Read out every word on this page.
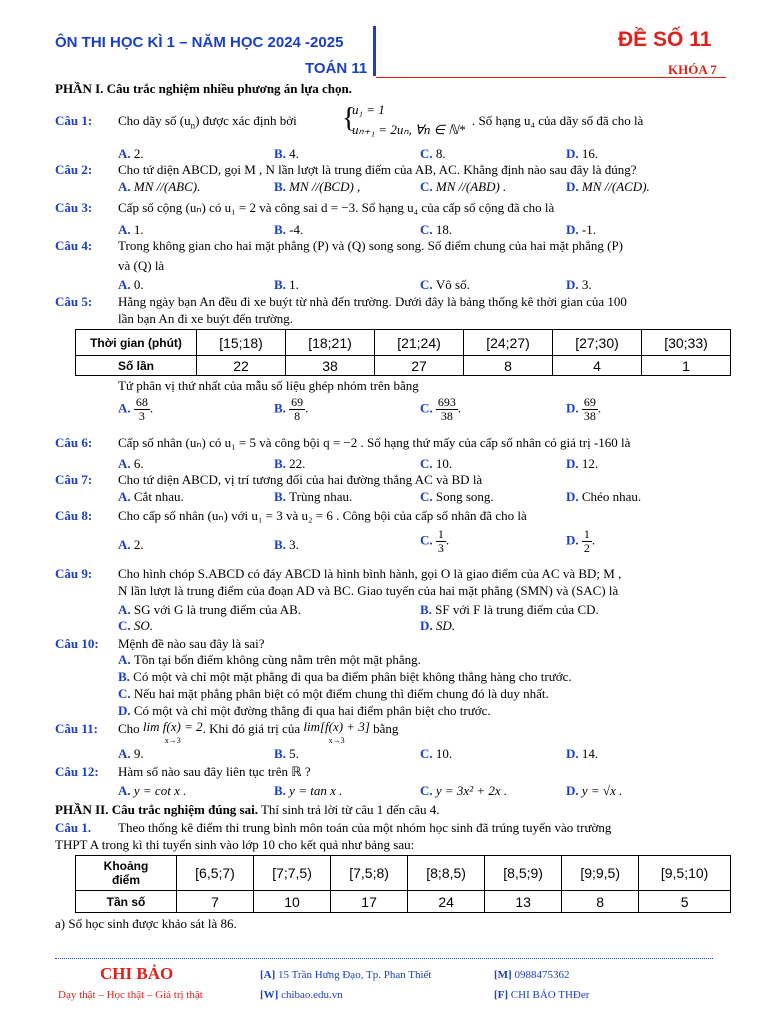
ÔN THI HỌC KÌ 1 – NĂM HỌC 2024 -2025
TOÁN 11
ĐỀ SỐ 11
KHÓA 7
PHẦN I. Câu trắc nghiệm nhiều phương án lựa chọn.
Câu 1: Cho dãy số $(u_n)$ được xác định bởi {
u₁ = 1
uₙ₊₁ = 2uₙ, ∀n ∈ ℕ*
. Số hạng u₄ của dãy số đã cho là
A. 2.	B. 4.	C. 8.	D. 16.
Câu 2: Cho tứ diện ABCD, gọi M , N lần lượt là trung điểm của AB, AC. Khẳng định nào sau đây là đúng?
A. MN //(ABC).	B. MN //(BCD) ,	C. MN //(ABD) .	D. MN //(ACD).
Câu 3: Cấp số cộng (uₙ) có u₁ = 2 và công sai d = −3. Số hạng u₄ của cấp số cộng đã cho là
A. 1.	B. -4.	C. 18.	D. -1.
Câu 4: Trong không gian cho hai mặt phẳng (P) và (Q) song song. Số điểm chung của hai mặt phẳng (P)
và (Q) là
A. 0.	B. 1.	C. Vô số.	D. 3.
Câu 5: Hằng ngày bạn An đều đi xe buýt từ nhà đến trường. Dưới đây là bảng thống kê thời gian của 100
lần bạn An đi xe buýt đến trường.
Thời gian (phút)	[15;18)	[18;21)	[21;24)	[24;27)	[27;30)	[30;33)
Số lần	22	38	27	8	4	1
Tứ phân vị thứ nhất của mẫu số liệu ghép nhóm trên bằng
A. $\frac{68}{3}$ .	B. $\frac{69}{8}$ .	C. $\frac{693}{38}$ .	D. $\frac{69}{38}$ .
Câu 6: Cấp số nhân (uₙ) có u₁ = 5 và công bội q = −2 . Số hạng thứ mấy của cấp số nhân có giá trị -160 là
A. 6.	B. 22.	C. 10.	D. 12.
Câu 7: Cho tứ diện ABCD, vị trí tương đối của hai đường thẳng AC và BD là
A. Cắt nhau.	B. Trùng nhau.	C. Song song.	D. Chéo nhau.
Câu 8: Cho cấp số nhân (uₙ) với u₁ = 3 và u₂ = 6 . Công bội của cấp số nhân đã cho là
A. 2.	B. 3.	C. $\frac{1}{3}$ .	D. $\frac{1}{2}$ .
Câu 9: Cho hình chóp S.ABCD có đáy ABCD là hình bình hành, gọi O là giao điểm của AC và BD; M ,
N lần lượt là trung điểm của đoạn AD và BC. Giao tuyến của hai mặt phẳng (SMN) và (SAC) là
A. SG với G là trung điểm của AB.	B. SF với F là trung điểm của CD.
C. SO.	D. SD.
Câu 10: Mệnh đề nào sau đây là sai?
A. Tồn tại bốn điểm không cùng nằm trên một mặt phẳng.
B. Có một và chỉ một mặt phẳng đi qua ba điểm phân biệt không thẳng hàng cho trước.
C. Nếu hai mặt phẳng phân biệt có một điểm chung thì điểm chung đó là duy nhất.
D. Có một và chỉ một đường thẳng đi qua hai điểm phân biệt cho trước.
Câu 11: Cho lim f(x) = 2
x→3. Khi đó giá trị của lim[f(x) + 3]
x→3 bằng
A. 9.	B. 5.	C. 10.	D. 14.
Câu 12: Hàm số nào sau đây liên tục trên ℝ ?
A. y = cot x .	B. y = tan x .	C. y = 3x² + 2x .	D. y = √x .
PHẦN II. Câu trắc nghiệm đúng sai. Thí sinh trả lời từ câu 1 đến câu 4.
Câu 1. Theo thống kê điểm thi trung bình môn toán của một nhóm học sinh đã trúng tuyển vào trường
THPT A trong kì thi tuyển sinh vào lớp 10 cho kết quả như bảng sau:
Khoảng
điểm	[6,5;7)	[7;7,5)	[7,5;8)	[8;8,5)	[8,5;9)	[9;9,5)	[9,5;10)
Tần số	7	10	17	24	13	8	5
a) Số học sinh được khảo sát là 86.
CHI BẢO
Dạy thật – Học thật – Giá trị thật
[A] 15 Trần Hưng Đạo, Tp. Phan Thiết
[W] chibao.edu.vn
[M] 0988475362
[F] CHI BẢO THĐer
